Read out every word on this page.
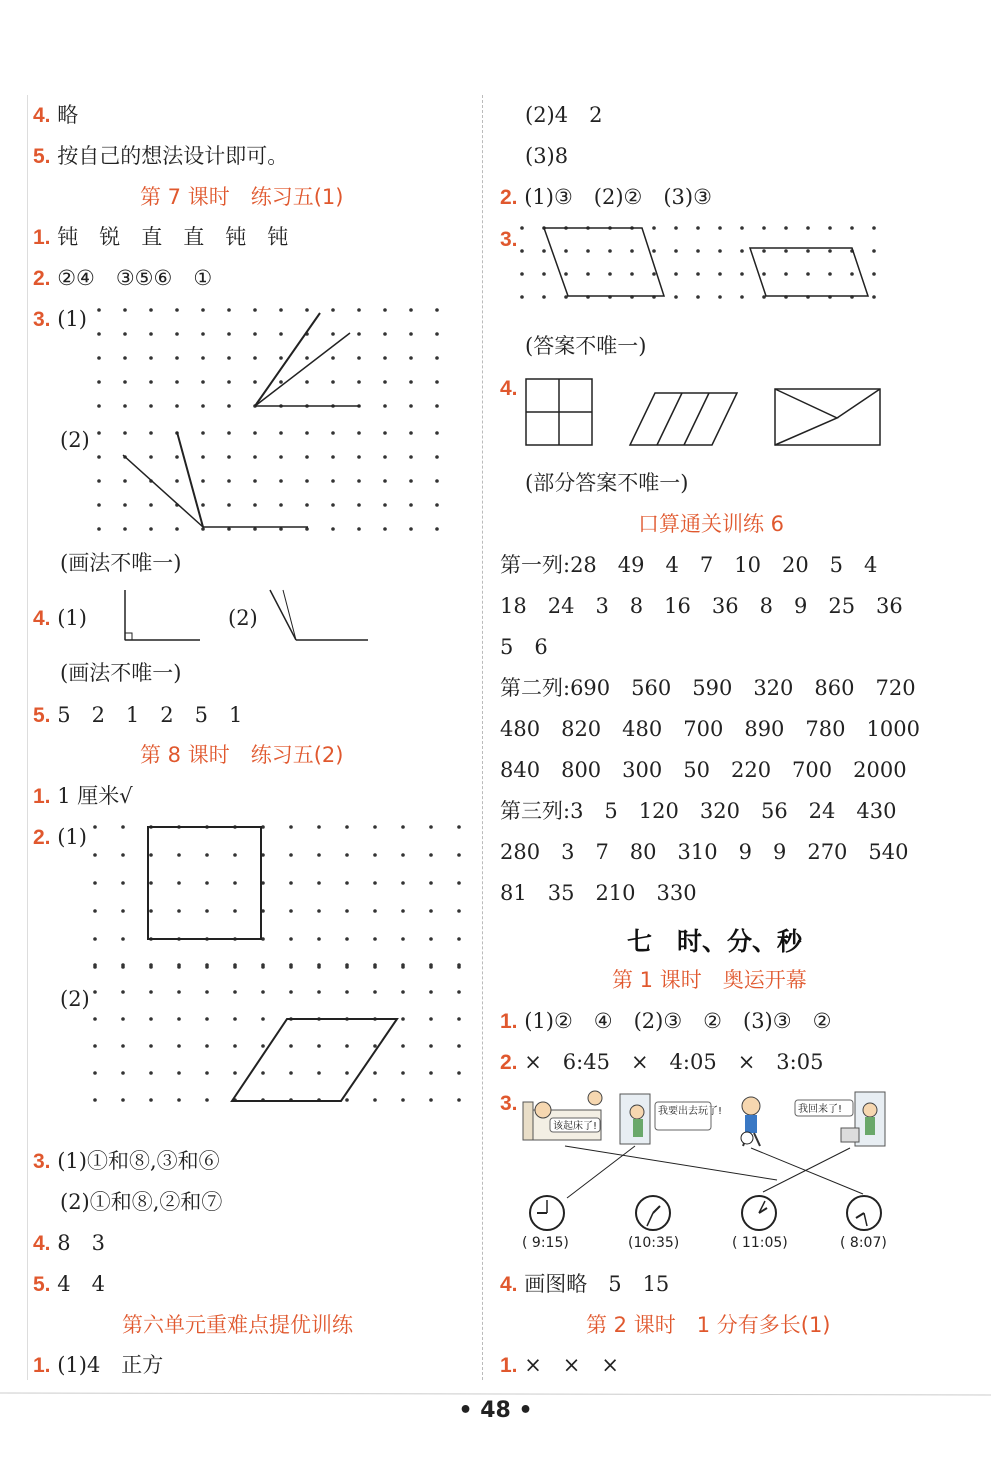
4. 略
5. 按自己的想法设计即可。
第 7 课时　练习五(1)
1. 钝　锐　直　直　钝　钝
2. ②④　③⑤⑥　①
3. (1)
(2)
(画法不唯一)
4. (1)	(2)
(画法不唯一)
5. 5　2　1　2　5　1
第 8 课时　练习五(2)
1. 1 厘米√
2. (1)
(2)
3. (1)①和⑧,③和⑥
(2)①和⑧,②和⑦
4. 8　3
5. 4　4
第六单元重难点提优训练
1. (1)4　正方
(2)4　2
(3)8
2. (1)③　(2)②　(3)③
3.
(答案不唯一)
4.
(部分答案不唯一)
口算通关训练 6
第一列:28　49　4　7　10　20　5　4
18　24　3　8　16　36　8　9　25　36
5　6
第二列:690　560　590　320　860　720
480　820　480　700　890　780　1000
840　800　300　50　220　700　2000
第三列:3　5　120　320　56　24　430
280　3　7　80　310　9　9　270　540
81　35　210　330
七　时、分、秒
第 1 课时　奥运开幕
1. (1)②　④　(2)③　②　(3)③　②
2. ×　6:45　×　4:05　×　3:05
3.
该起床了!
我要出去玩了!	我回来了!
( 9:15)	(10:35)	( 11:05)	( 8:07)
4. 画图略　5　15
第 2 课时　1 分有多长(1)
1. ×　×　×
• 48 •
